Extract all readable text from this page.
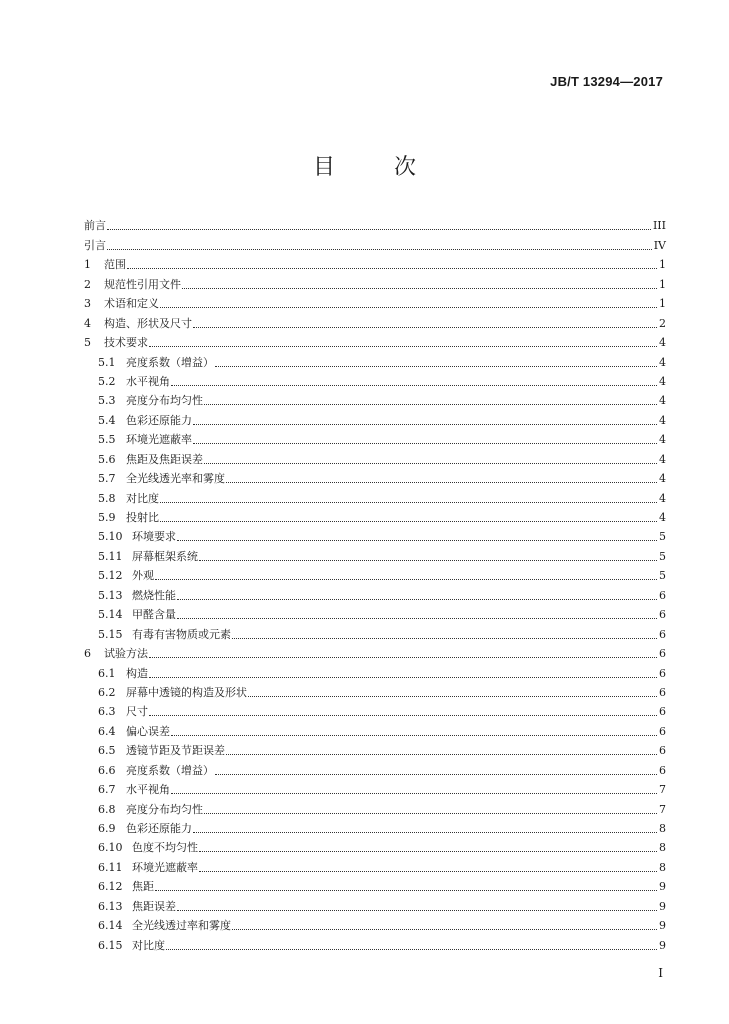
JB/T 13294—2017
目 次
前言	III
引言	IV
1	范围	1
2	规范性引用文件	1
3	术语和定义	1
4	构造、形状及尺寸	2
5	技术要求	4
5.1 亮度系数（增益）	4
5.2 水平视角	4
5.3 亮度分布均匀性	4
5.4 色彩还原能力	4
5.5 环境光遮蔽率	4
5.6 焦距及焦距误差	4
5.7 全光线透光率和雾度	4
5.8 对比度	4
5.9 投射比	4
5.10 环境要求	5
5.11 屏幕框架系统	5
5.12 外观	5
5.13 燃烧性能	6
5.14 甲醛含量	6
5.15 有毒有害物质或元素	6
6	试验方法	6
6.1 构造	6
6.2 屏幕中透镜的构造及形状	6
6.3 尺寸	6
6.4 偏心误差	6
6.5 透镜节距及节距误差	6
6.6 亮度系数（增益）	6
6.7 水平视角	7
6.8 亮度分布均匀性	7
6.9 色彩还原能力	8
6.10 色度不均匀性	8
6.11 环境光遮蔽率	8
6.12 焦距	9
6.13 焦距误差	9
6.14 全光线透过率和雾度	9
6.15 对比度	9
I
